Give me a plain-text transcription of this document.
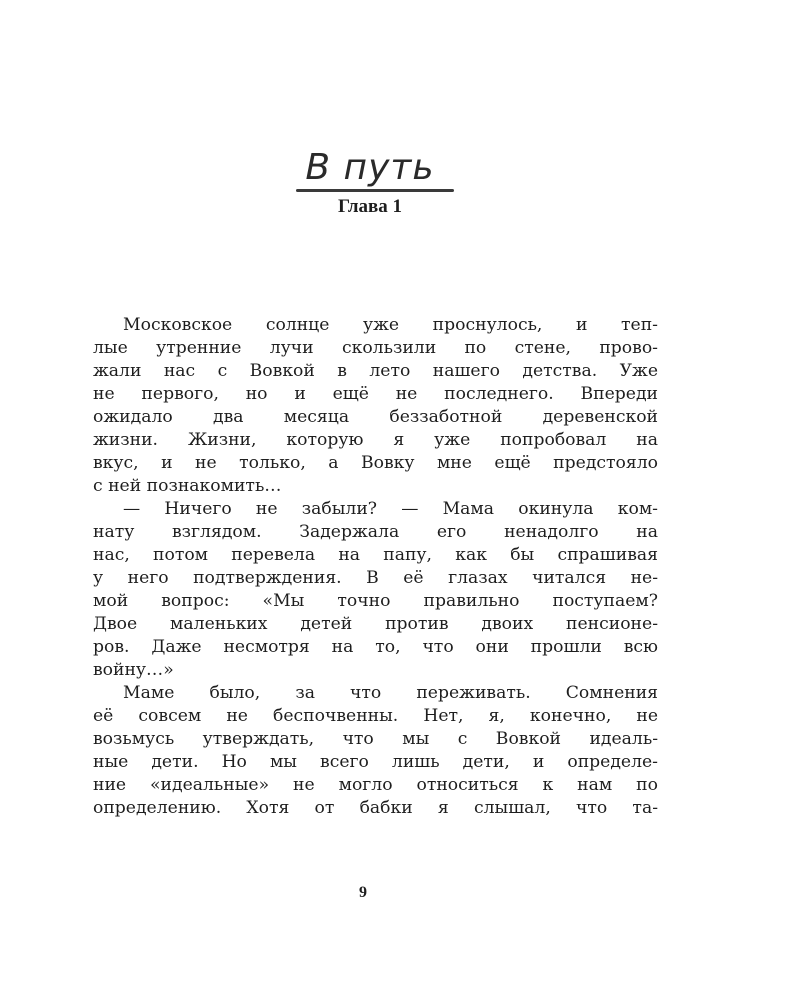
В путь
Глава 1
Московское солнце уже проснулось, и теп-
лые утренние лучи скользили по стене, прово-
жали нас с Вовкой в лето нашего детства. Уже
не первого, но и ещё не последнего. Впереди
ожидало два месяца беззаботной деревенской
жизни. Жизни, которую я уже попробовал на
вкус, и не только, а Вовку мне ещё предстояло
с ней познакомить…
— Ничего не забыли? — Мама окинула ком-
нату взглядом. Задержала его ненадолго на
нас, потом перевела на папу, как бы спрашивая
у него подтверждения. В её глазах читался не-
мой вопрос: «Мы точно правильно поступаем?
Двое маленьких детей против двоих пенсионе-
ров. Даже несмотря на то, что они прошли всю
войну…»
Маме было, за что переживать. Сомнения
её совсем не беспочвенны. Нет, я, конечно, не
возьмусь утверждать, что мы с Вовкой идеаль-
ные дети. Но мы всего лишь дети, и определе-
ние «идеальные» не могло относиться к нам по
определению. Хотя от бабки я слышал, что та-
9
